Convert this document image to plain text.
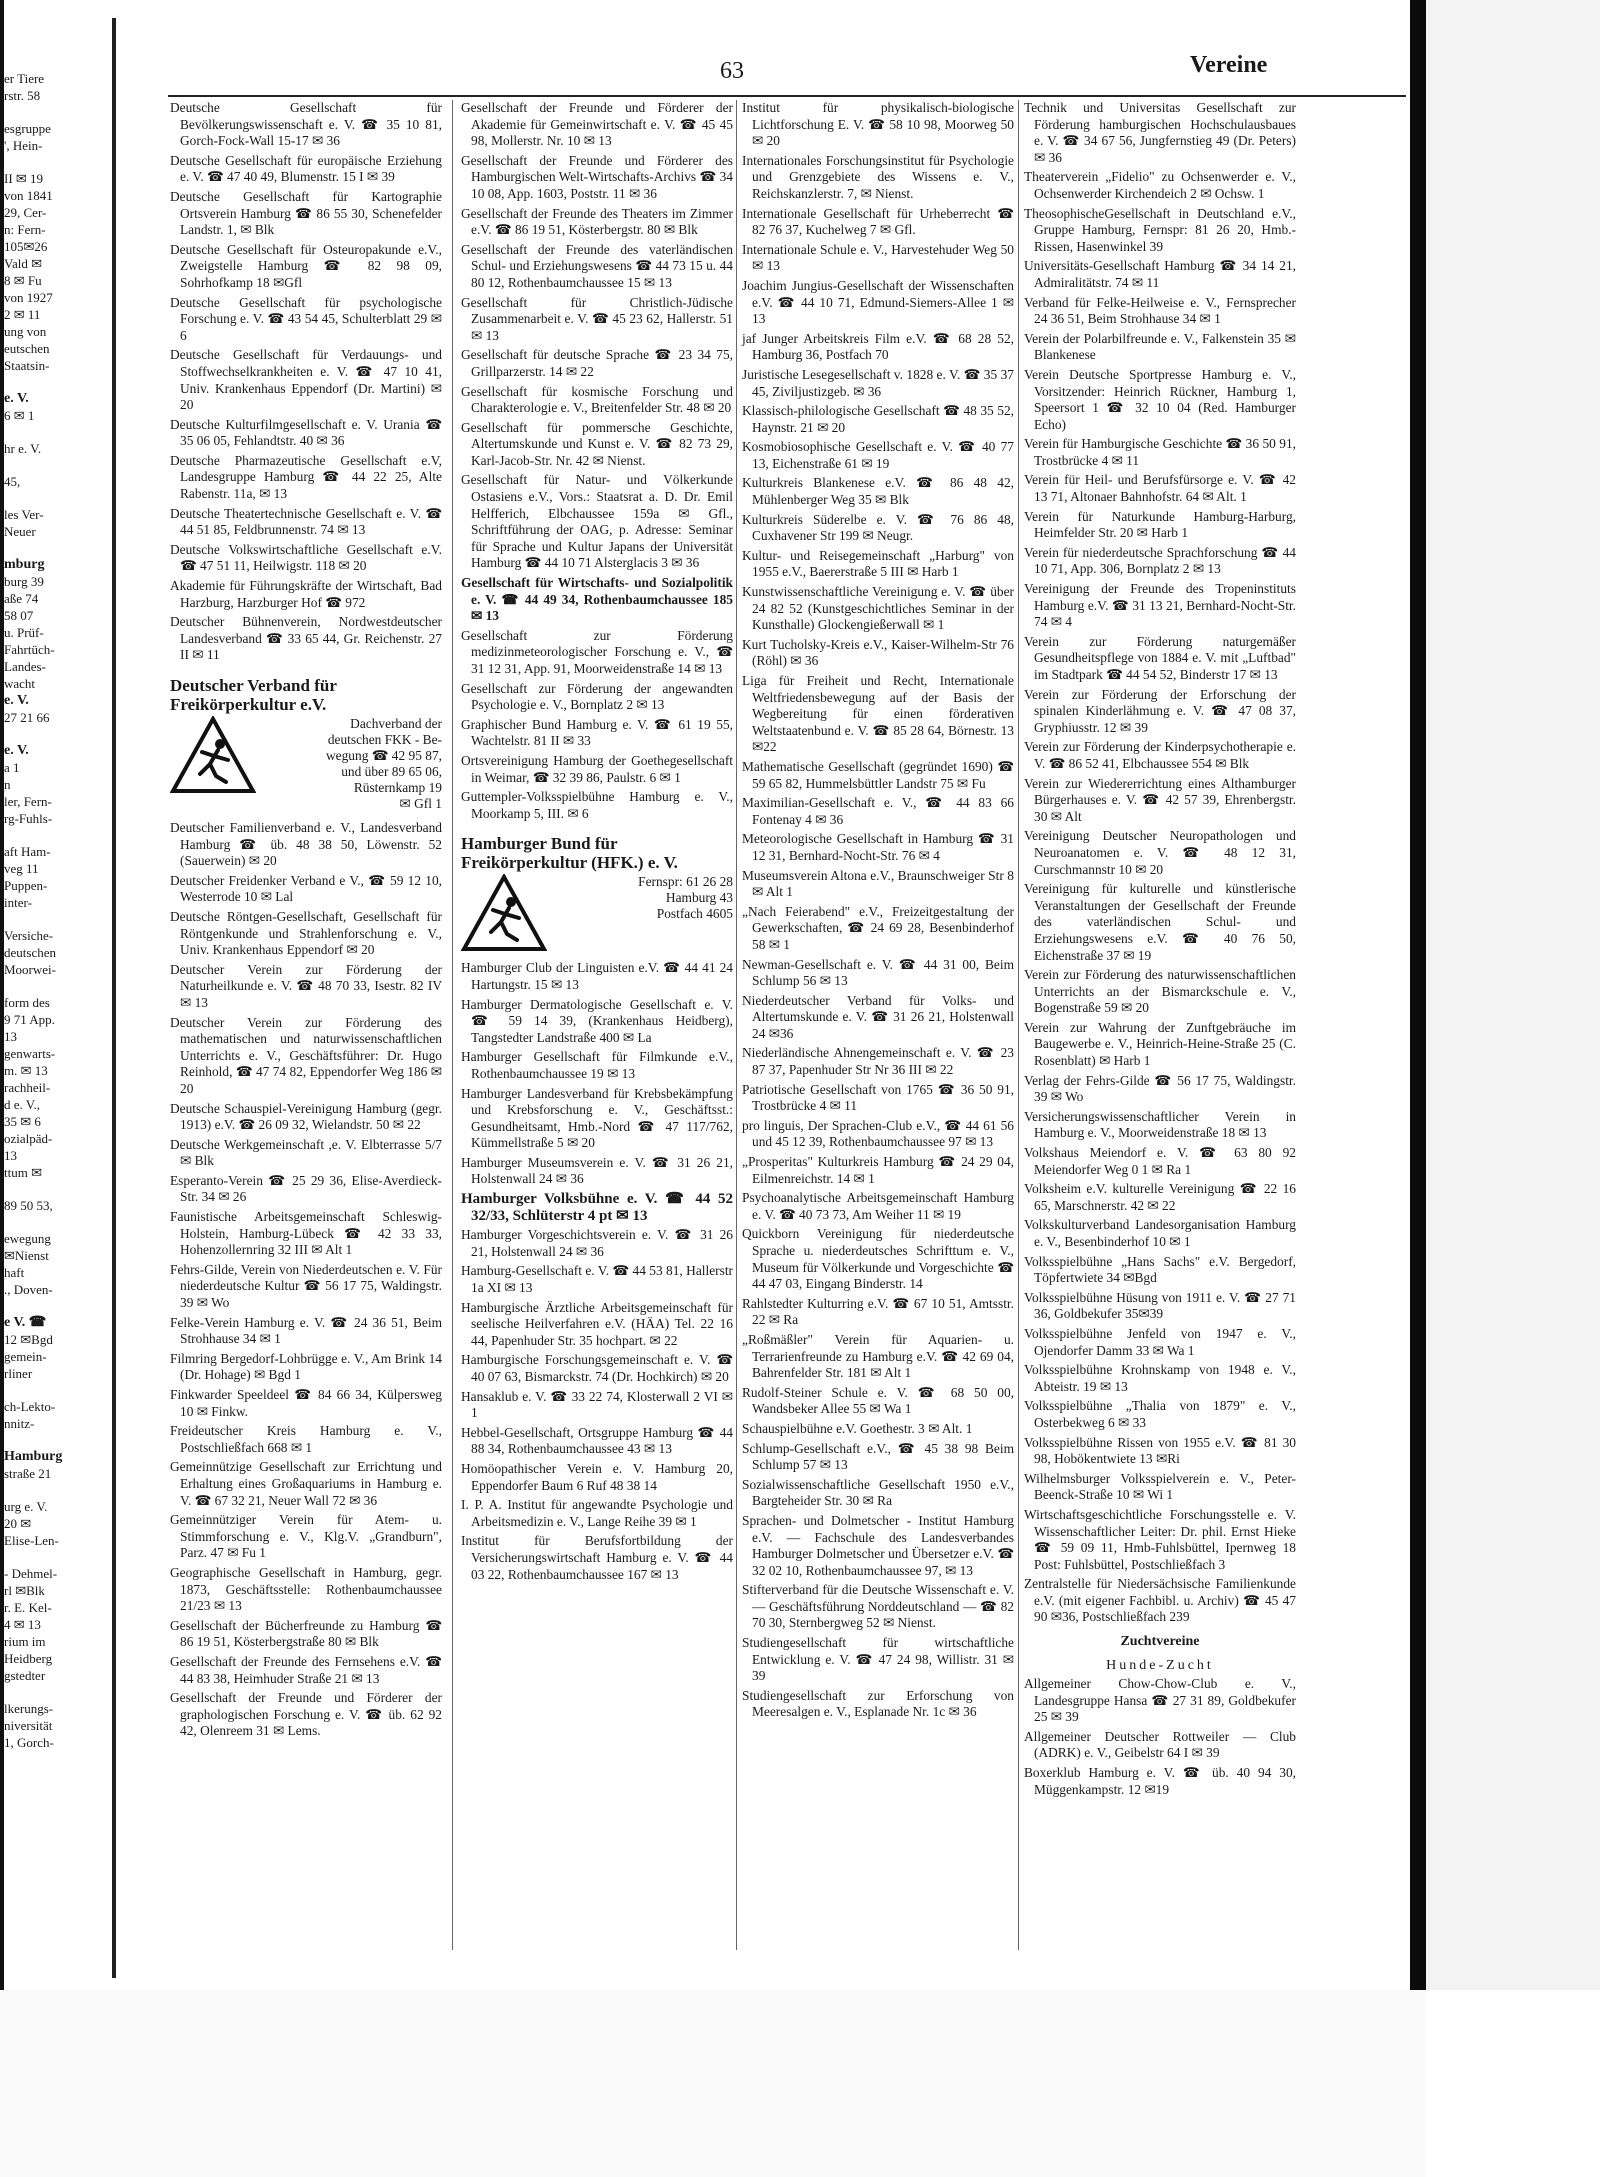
er Tiere
rstr. 58
esgruppe
', Hein-
II ✉ 19
von 1841
29, Cer-
n: Fern-
105✉26
Vald ✉
8 ✉ Fu
von 1927
2 ✉ 11
ung von
eutschen
Staatsin-
e. V.
6 ✉ 1
hr e. V.
45,
les Ver-
Neuer
mburg
burg 39
aße 74
58 07
u. Prüf-
Fahrtüch-
Landes-
wacht
e. V.
27 21 66
e. V.
a 1
n
ler, Fern-
rg-Fuhls-
aft Ham-
veg 11
Puppen-
inter-
Versiche-
deutschen
Moorwei-
form des
9 71 App.
13
genwarts-
m. ✉ 13
rachheil-
d e. V.,
35 ✉ 6
ozialpäd-
13
ttum ✉
89 50 53,
ewegung
✉Nienst
haft
., Doven-
e V. ☎
12 ✉Bgd
gemein-
rliner
ch-Lekto-
nnitz-
Hamburg
straße 21
urg e. V.
20 ✉
Elise-Len-
- Dehmel-
rl ✉Blk
r. E. Kel-
4 ✉ 13
rium im
Heidberg
gstedter
lkerungs-
niversität
1, Gorch-
63	Vereine
Deutsche Gesellschaft für Bevölkerungswissenschaft e. V. ☎ 35 10 81, Gorch-Fock-Wall 15-17 ✉ 36
Deutsche Gesellschaft für europäische Erziehung e. V. ☎ 47 40 49, Blumenstr. 15 I ✉ 39
Deutsche Gesellschaft für Kartographie Ortsverein Hamburg ☎ 86 55 30, Schenefelder Landstr. 1, ✉ Blk
Deutsche Gesellschaft für Osteuropakunde e.V., Zweigstelle Hamburg ☎ 82 98 09, Sohrhofkamp 18 ✉Gfl
Deutsche Gesellschaft für psychologische Forschung e. V. ☎ 43 54 45, Schulterblatt 29 ✉ 6
Deutsche Gesellschaft für Verdauungs- und Stoffwechselkrankheiten e. V. ☎ 47 10 41, Univ. Krankenhaus Eppendorf (Dr. Martini) ✉ 20
Deutsche Kulturfilmgesellschaft e. V. Urania ☎ 35 06 05, Fehlandtstr. 40 ✉ 36
Deutsche Pharmazeutische Gesellschaft e.V, Landesgruppe Hamburg ☎ 44 22 25, Alte Rabenstr. 11a, ✉ 13
Deutsche Theatertechnische Gesellschaft e. V. ☎ 44 51 85, Feldbrunnenstr. 74 ✉ 13
Deutsche Volkswirtschaftliche Gesellschaft e.V. ☎ 47 51 11, Heilwigstr. 118 ✉ 20
Akademie für Führungskräfte der Wirtschaft, Bad Harzburg, Harzburger Hof ☎ 972
Deutscher Bühnenverein, Nordwestdeutscher Landesverband ☎ 33 65 44, Gr. Reichenstr. 27 II ✉ 11
Deutscher Verband für Freikörperkultur e.V.
Dachverband der
deutschen FKK - Be-
wegung ☎ 42 95 87,
und über 89 65 06,
Rüsternkamp 19
✉ Gfl 1
Deutscher Familienverband e. V., Landesverband Hamburg ☎ üb. 48 38 50, Löwenstr. 52 (Sauerwein) ✉ 20
Deutscher Freidenker Verband e V., ☎ 59 12 10, Westerrode 10 ✉ Lal
Deutsche Röntgen-Gesellschaft, Gesellschaft für Röntgenkunde und Strahlenforschung e. V., Univ. Krankenhaus Eppendorf ✉ 20
Deutscher Verein zur Förderung der Naturheilkunde e. V. ☎ 48 70 33, Isestr. 82 IV ✉ 13
Deutscher Verein zur Förderung des mathematischen und naturwissenschaftlichen Unterrichts e. V., Geschäftsführer: Dr. Hugo Reinhold, ☎ 47 74 82, Eppendorfer Weg 186 ✉ 20
Deutsche Schauspiel-Vereinigung Hamburg (gegr. 1913) e.V. ☎ 26 09 32, Wielandstr. 50 ✉ 22
Deutsche Werkgemeinschaft ,e. V. Elbterrasse 5/7 ✉ Blk
Esperanto-Verein ☎ 25 29 36, Elise-Averdieck-Str. 34 ✉ 26
Faunistische Arbeitsgemeinschaft Schleswig-Holstein, Hamburg-Lübeck ☎ 42 33 33, Hohenzollernring 32 III ✉ Alt 1
Fehrs-Gilde, Verein von Niederdeutschen e. V. Für niederdeutsche Kultur ☎ 56 17 75, Waldingstr. 39 ✉ Wo
Felke-Verein Hamburg e. V. ☎ 24 36 51, Beim Strohhause 34 ✉ 1
Filmring Bergedorf-Lohbrügge e. V., Am Brink 14 (Dr. Hohage) ✉ Bgd 1
Finkwarder Speeldeel ☎ 84 66 34, Külpersweg 10 ✉ Finkw.
Freideutscher Kreis Hamburg e. V., Postschließfach 668 ✉ 1
Gemeinnützige Gesellschaft zur Errichtung und Erhaltung eines Großaquariums in Hamburg e. V. ☎ 67 32 21, Neuer Wall 72 ✉ 36
Gemeinnütziger Verein für Atem- u. Stimmforschung e. V., Klg.V. „Grandburn", Parz. 47 ✉ Fu 1
Geographische Gesellschaft in Hamburg, gegr. 1873, Geschäftsstelle: Rothenbaumchaussee 21/23 ✉ 13
Gesellschaft der Bücherfreunde zu Hamburg ☎ 86 19 51, Kösterbergstraße 80 ✉ Blk
Gesellschaft der Freunde des Fernsehens e.V. ☎ 44 83 38, Heimhuder Straße 21 ✉ 13
Gesellschaft der Freunde und Förderer der graphologischen Forschung e. V. ☎ üb. 62 92 42, Olenreem 31 ✉ Lems.
Gesellschaft der Freunde und Förderer der Akademie für Gemeinwirtschaft e. V. ☎ 45 45 98, Mollerstr. Nr. 10 ✉ 13
Gesellschaft der Freunde und Förderer des Hamburgischen Welt-Wirtschafts-Archivs ☎ 34 10 08, App. 1603, Poststr. 11 ✉ 36
Gesellschaft der Freunde des Theaters im Zimmer e.V. ☎ 86 19 51, Kösterbergstr. 80 ✉ Blk
Gesellschaft der Freunde des vaterländischen Schul- und Erziehungswesens ☎ 44 73 15 u. 44 80 12, Rothenbaumchaussee 15 ✉ 13
Gesellschaft für Christlich-Jüdische Zusammenarbeit e. V. ☎ 45 23 62, Hallerstr. 51 ✉ 13
Gesellschaft für deutsche Sprache ☎ 23 34 75, Grillparzerstr. 14 ✉ 22
Gesellschaft für kosmische Forschung und Charakterologie e. V., Breitenfelder Str. 48 ✉ 20
Gesellschaft für pommersche Geschichte, Altertumskunde und Kunst e. V. ☎ 82 73 29, Karl-Jacob-Str. Nr. 42 ✉ Nienst.
Gesellschaft für Natur- und Völkerkunde Ostasiens e.V., Vors.: Staatsrat a. D. Dr. Emil Helfferich, Elbchaussee 159a ✉ Gfl., Schriftführung der OAG, p. Adresse: Seminar für Sprache und Kultur Japans der Universität Hamburg ☎ 44 10 71 Alsterglacis 3 ✉ 36
Gesellschaft für Wirtschafts- und Sozialpolitik e. V. ☎ 44 49 34, Rothenbaumchaussee 185 ✉ 13
Gesellschaft zur Förderung medizinmeteorologischer Forschung e. V., ☎ 31 12 31, App. 91, Moorweidenstraße 14 ✉ 13
Gesellschaft zur Förderung der angewandten Psychologie e. V., Bornplatz 2 ✉ 13
Graphischer Bund Hamburg e. V. ☎ 61 19 55, Wachtelstr. 81 II ✉ 33
Ortsvereinigung Hamburg der Goethegesellschaft in Weimar, ☎ 32 39 86, Paulstr. 6 ✉ 1
Guttempler-Volksspielbühne Hamburg e. V., Moorkamp 5, III. ✉ 6
Hamburger Bund für Freikörperkultur (HFK.) e. V.
Fernspr: 61 26 28
Hamburg 43
Postfach 4605
Hamburger Club der Linguisten e.V. ☎ 44 41 24 Hartungstr. 15 ✉ 13
Hamburger Dermatologische Gesellschaft e. V. ☎ 59 14 39, (Krankenhaus Heidberg), Tangstedter Landstraße 400 ✉ La
Hamburger Gesellschaft für Filmkunde e.V., Rothenbaumchaussee 19 ✉ 13
Hamburger Landesverband für Krebsbekämpfung und Krebsforschung e. V., Geschäftsst.: Gesundheitsamt, Hmb.-Nord ☎ 47 117/762, Kümmellstraße 5 ✉ 20
Hamburger Museumsverein e. V. ☎ 31 26 21, Holstenwall 24 ✉ 36
Hamburger Volksbühne e. V. ☎ 44 52 32/33, Schlüterstr 4 pt ✉ 13
Hamburger Vorgeschichtsverein e. V. ☎ 31 26 21, Holstenwall 24 ✉ 36
Hamburg-Gesellschaft e. V. ☎ 44 53 81, Hallerstr 1a XI ✉ 13
Hamburgische Ärztliche Arbeitsgemeinschaft für seelische Heilverfahren e.V. (HÄA) Tel. 22 16 44, Papenhuder Str. 35 hochpart. ✉ 22
Hamburgische Forschungsgemeinschaft e. V. ☎ 40 07 63, Bismarckstr. 74 (Dr. Hochkirch) ✉ 20
Hansaklub e. V. ☎ 33 22 74, Klosterwall 2 VI ✉ 1
Hebbel-Gesellschaft, Ortsgruppe Hamburg ☎ 44 88 34, Rothenbaumchaussee 43 ✉ 13
Homöopathischer Verein e. V. Hamburg 20, Eppendorfer Baum 6 Ruf 48 38 14
I. P. A. Institut für angewandte Psychologie und Arbeitsmedizin e. V., Lange Reihe 39 ✉ 1
Institut für Berufsfortbildung der Versicherungswirtschaft Hamburg e. V. ☎ 44 03 22, Rothenbaumchaussee 167 ✉ 13
Institut für physikalisch-biologische Lichtforschung E. V. ☎ 58 10 98, Moorweg 50 ✉ 20
Internationales Forschungsinstitut für Psychologie und Grenzgebiete des Wissens e. V., Reichskanzlerstr. 7, ✉ Nienst.
Internationale Gesellschaft für Urheberrecht ☎ 82 76 37, Kuchelweg 7 ✉ Gfl.
Internationale Schule e. V., Harvestehuder Weg 50 ✉ 13
Joachim Jungius-Gesellschaft der Wissenschaften e.V. ☎ 44 10 71, Edmund-Siemers-Allee 1 ✉ 13
jaf Junger Arbeitskreis Film e.V. ☎ 68 28 52, Hamburg 36, Postfach 70
Juristische Lesegesellschaft v. 1828 e. V. ☎ 35 37 45, Ziviljustizgeb. ✉ 36
Klassisch-philologische Gesellschaft ☎ 48 35 52, Haynstr. 21 ✉ 20
Kosmobiosophische Gesellschaft e. V. ☎ 40 77 13, Eichenstraße 61 ✉ 19
Kulturkreis Blankenese e.V. ☎ 86 48 42, Mühlenberger Weg 35 ✉ Blk
Kulturkreis Süderelbe e. V. ☎ 76 86 48, Cuxhavener Str 199 ✉ Neugr.
Kultur- und Reisegemeinschaft „Harburg" von 1955 e.V., Baererstraße 5 III ✉ Harb 1
Kunstwissenschaftliche Vereinigung e. V. ☎ über 24 82 52 (Kunstgeschichtliches Seminar in der Kunsthalle) Glockengießerwall ✉ 1
Kurt Tucholsky-Kreis e.V., Kaiser-Wilhelm-Str 76 (Röhl) ✉ 36
Liga für Freiheit und Recht, Internationale Weltfriedensbewegung auf der Basis der Wegbereitung für einen förderativen Weltstaatenbund e. V. ☎ 85 28 64, Börnestr. 13✉22
Mathematische Gesellschaft (gegründet 1690) ☎ 59 65 82, Hummelsbüttler Landstr 75 ✉ Fu
Maximilian-Gesellschaft e. V., ☎ 44 83 66 Fontenay 4 ✉ 36
Meteorologische Gesellschaft in Hamburg ☎ 31 12 31, Bernhard-Nocht-Str. 76 ✉ 4
Museumsverein Altona e.V., Braunschweiger Str 8 ✉ Alt 1
„Nach Feierabend" e.V., Freizeitgestaltung der Gewerkschaften, ☎ 24 69 28, Besenbinderhof 58 ✉ 1
Newman-Gesellschaft e. V. ☎ 44 31 00, Beim Schlump 56 ✉ 13
Niederdeutscher Verband für Volks- und Altertumskunde e. V. ☎ 31 26 21, Holstenwall 24 ✉36
Niederländische Ahnengemeinschaft e. V. ☎ 23 87 37, Papenhuder Str Nr 36 III ✉ 22
Patriotische Gesellschaft von 1765 ☎ 36 50 91, Trostbrücke 4 ✉ 11
pro linguis, Der Sprachen-Club e.V., ☎ 44 61 56 und 45 12 39, Rothenbaumchaussee 97 ✉ 13
„Prosperitas" Kulturkreis Hamburg ☎ 24 29 04, Eilmenreichstr. 14 ✉ 1
Psychoanalytische Arbeitsgemeinschaft Hamburg e. V. ☎ 40 73 73, Am Weiher 11 ✉ 19
Quickborn Vereinigung für niederdeutsche Sprache u. niederdeutsches Schrifttum e. V., Museum für Völkerkunde und Vorgeschichte ☎ 44 47 03, Eingang Binderstr. 14
Rahlstedter Kulturring e.V. ☎ 67 10 51, Amtsstr. 22 ✉ Ra
„Roßmäßler" Verein für Aquarien- u. Terrarienfreunde zu Hamburg e.V. ☎ 42 69 04, Bahrenfelder Str. 181 ✉ Alt 1
Rudolf-Steiner Schule e. V. ☎ 68 50 00, Wandsbeker Allee 55 ✉ Wa 1
Schauspielbühne e.V. Goethestr. 3 ✉ Alt. 1
Schlump-Gesellschaft e.V., ☎ 45 38 98 Beim Schlump 57 ✉ 13
Sozialwissenschaftliche Gesellschaft 1950 e.V., Bargteheider Str. 30 ✉ Ra
Sprachen- und Dolmetscher - Institut Hamburg e.V. — Fachschule des Landesverbandes Hamburger Dolmetscher und Übersetzer e.V. ☎ 32 02 10, Rothenbaumchaussee 97, ✉ 13
Stifterverband für die Deutsche Wissenschaft e. V. — Geschäftsführung Norddeutschland — ☎ 82 70 30, Sternbergweg 52 ✉ Nienst.
Studiengesellschaft für wirtschaftliche Entwicklung e. V. ☎ 47 24 98, Willistr. 31 ✉ 39
Studiengesellschaft zur Erforschung von Meeresalgen e. V., Esplanade Nr. 1c ✉ 36
Technik und Universitas Gesellschaft zur Förderung hamburgischen Hochschulausbaues e. V. ☎ 34 67 56, Jungfernstieg 49 (Dr. Peters) ✉ 36
Theaterverein „Fidelio" zu Ochsenwerder e. V., Ochsenwerder Kirchendeich 2 ✉ Ochsw. 1
TheosophischeGesellschaft in Deutschland e.V., Gruppe Hamburg, Fernspr: 81 26 20, Hmb.-Rissen, Hasenwinkel 39
Universitäts-Gesellschaft Hamburg ☎ 34 14 21, Admiralitätstr. 74 ✉ 11
Verband für Felke-Heilweise e. V., Fernsprecher 24 36 51, Beim Strohhause 34 ✉ 1
Verein der Polarbilfreunde e. V., Falkenstein 35 ✉ Blankenese
Verein Deutsche Sportpresse Hamburg e. V., Vorsitzender: Heinrich Rückner, Hamburg 1, Speersort 1 ☎ 32 10 04 (Red. Hamburger Echo)
Verein für Hamburgische Geschichte ☎ 36 50 91, Trostbrücke 4 ✉ 11
Verein für Heil- und Berufsfürsorge e. V. ☎ 42 13 71, Altonaer Bahnhofstr. 64 ✉ Alt. 1
Verein für Naturkunde Hamburg-Harburg, Heimfelder Str. 20 ✉ Harb 1
Verein für niederdeutsche Sprachforschung ☎ 44 10 71, App. 306, Bornplatz 2 ✉ 13
Vereinigung der Freunde des Tropeninstituts Hamburg e.V. ☎ 31 13 21, Bernhard-Nocht-Str. 74 ✉ 4
Verein zur Förderung naturgemäßer Gesundheitspflege von 1884 e. V. mit „Luftbad" im Stadtpark ☎ 44 54 52, Binderstr 17 ✉ 13
Verein zur Förderung der Erforschung der spinalen Kinderlähmung e. V. ☎ 47 08 37, Gryphiusstr. 12 ✉ 39
Verein zur Förderung der Kinderpsychotherapie e. V. ☎ 86 52 41, Elbchaussee 554 ✉ Blk
Verein zur Wiedererrichtung eines Althamburger Bürgerhauses e. V. ☎ 42 57 39, Ehrenbergstr. 30 ✉ Alt
Vereinigung Deutscher Neuropathologen und Neuroanatomen e. V. ☎ 48 12 31, Curschmannstr 10 ✉ 20
Vereinigung für kulturelle und künstlerische Veranstaltungen der Gesellschaft der Freunde des vaterländischen Schul- und Erziehungswesens e.V. ☎ 40 76 50, Eichenstraße 37 ✉ 19
Verein zur Förderung des naturwissenschaftlichen Unterrichts an der Bismarckschule e. V., Bogenstraße 59 ✉ 20
Verein zur Wahrung der Zunftgebräuche im Baugewerbe e. V., Heinrich-Heine-Straße 25 (C. Rosenblatt) ✉ Harb 1
Verlag der Fehrs-Gilde ☎ 56 17 75, Waldingstr. 39 ✉ Wo
Versicherungswissenschaftlicher Verein in Hamburg e. V., Moorweidenstraße 18 ✉ 13
Volkshaus Meiendorf e. V. ☎ 63 80 92 Meiendorfer Weg 0 1 ✉ Ra 1
Volksheim e.V. kulturelle Vereinigung ☎ 22 16 65, Marschnerstr. 42 ✉ 22
Volkskulturverband Landesorganisation Hamburg e. V., Besenbinderhof 10 ✉ 1
Volksspielbühne „Hans Sachs" e.V. Bergedorf, Töpfertwiete 34 ✉Bgd
Volksspielbühne Hüsung von 1911 e. V. ☎ 27 71 36, Goldbekufer 35✉39
Volksspielbühne Jenfeld von 1947 e. V., Ojendorfer Damm 33 ✉ Wa 1
Volksspielbühne Krohnskamp von 1948 e. V., Abteistr. 19 ✉ 13
Volksspielbühne „Thalia von 1879" e. V., Osterbekweg 6 ✉ 33
Volksspielbühne Rissen von 1955 e.V. ☎ 81 30 98, Hobökentwiete 13 ✉Ri
Wilhelmsburger Volksspielverein e. V., Peter-Beenck-Straße 10 ✉ Wi 1
Wirtschaftsgeschichtliche Forschungsstelle e. V. Wissenschaftlicher Leiter: Dr. phil. Ernst Hieke ☎ 59 09 11, Hmb-Fuhlsbüttel, Ipernweg 18 Post: Fuhlsbüttel, Postschließfach 3
Zentralstelle für Niedersächsische Familienkunde e.V. (mit eigener Fachbibl. u. Archiv) ☎ 45 47 90 ✉36, Postschließfach 239
Zuchtvereine
Hunde-Zucht
Allgemeiner Chow-Chow-Club e. V., Landesgruppe Hansa ☎ 27 31 89, Goldbekufer 25 ✉ 39
Allgemeiner Deutscher Rottweiler — Club (ADRK) e. V., Geibelstr 64 I ✉ 39
Boxerklub Hamburg e. V. ☎ üb. 40 94 30, Müggenkampstr. 12 ✉19
